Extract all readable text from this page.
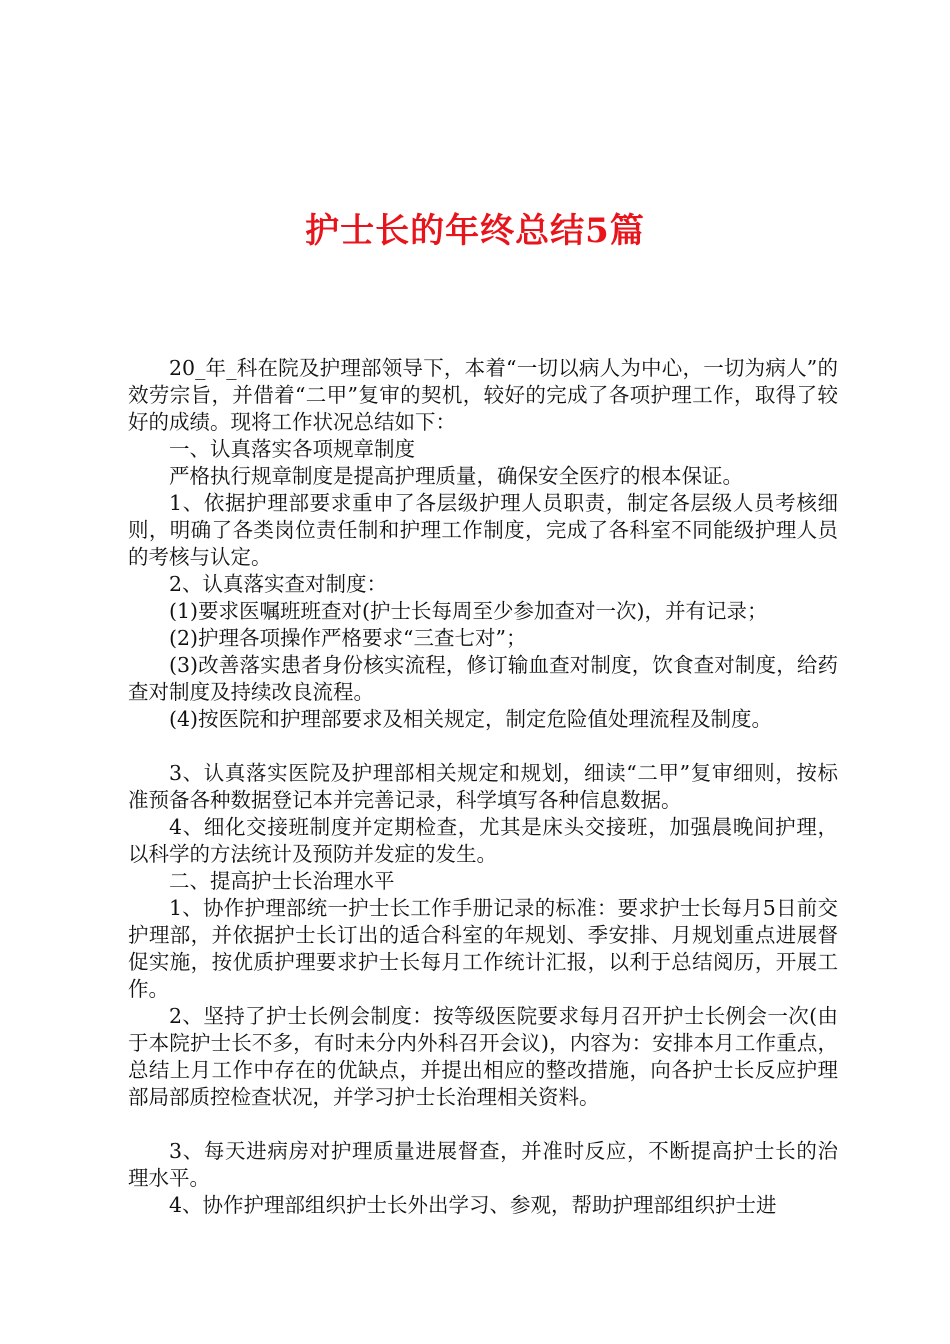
护士长的年终总结5篇

20_年_科在院及护理部领导下，本着“一切以病人为中心，一切为病人”的效劳宗旨，并借着“二甲”复审的契机，较好的完成了各项护理工作，取得了较好的成绩。现将工作状况总结如下：

一、认真落实各项规章制度

严格执行规章制度是提高护理质量，确保安全医疗的根本保证。

1、依据护理部要求重申了各层级护理人员职责，制定各层级人员考核细则，明确了各类岗位责任制和护理工作制度，完成了各科室不同能级护理人员的考核与认定。

2、认真落实查对制度：

(1)要求医嘱班班查对(护士长每周至少参加查对一次)，并有记录；

(2)护理各项操作严格要求“三查七对”；

(3)改善落实患者身份核实流程，修订输血查对制度，饮食查对制度，给药查对制度及持续改良流程。

(4)按医院和护理部要求及相关规定，制定危险值处理流程及制度。

3、认真落实医院及护理部相关规定和规划，细读“二甲”复审细则，按标准预备各种数据登记本并完善记录，科学填写各种信息数据。

4、细化交接班制度并定期检查，尤其是床头交接班，加强晨晚间护理，以科学的方法统计及预防并发症的发生。

二、提高护士长治理水平

1、协作护理部统一护士长工作手册记录的标准：要求护士长每月5日前交护理部，并依据护士长订出的适合科室的年规划、季安排、月规划重点进展督促实施，按优质护理要求护士长每月工作统计汇报，以利于总结阅历，开展工作。

2、坚持了护士长例会制度：按等级医院要求每月召开护士长例会一次(由于本院护士长不多，有时未分内外科召开会议)，内容为：安排本月工作重点，总结上月工作中存在的优缺点，并提出相应的整改措施，向各护士长反应护理部局部质控检查状况，并学习护士长治理相关资料。

3、每天进病房对护理质量进展督查，并准时反应，不断提高护士长的治理水平。

4、协作护理部组织护士长外出学习、参观，帮助护理部组织护士进
